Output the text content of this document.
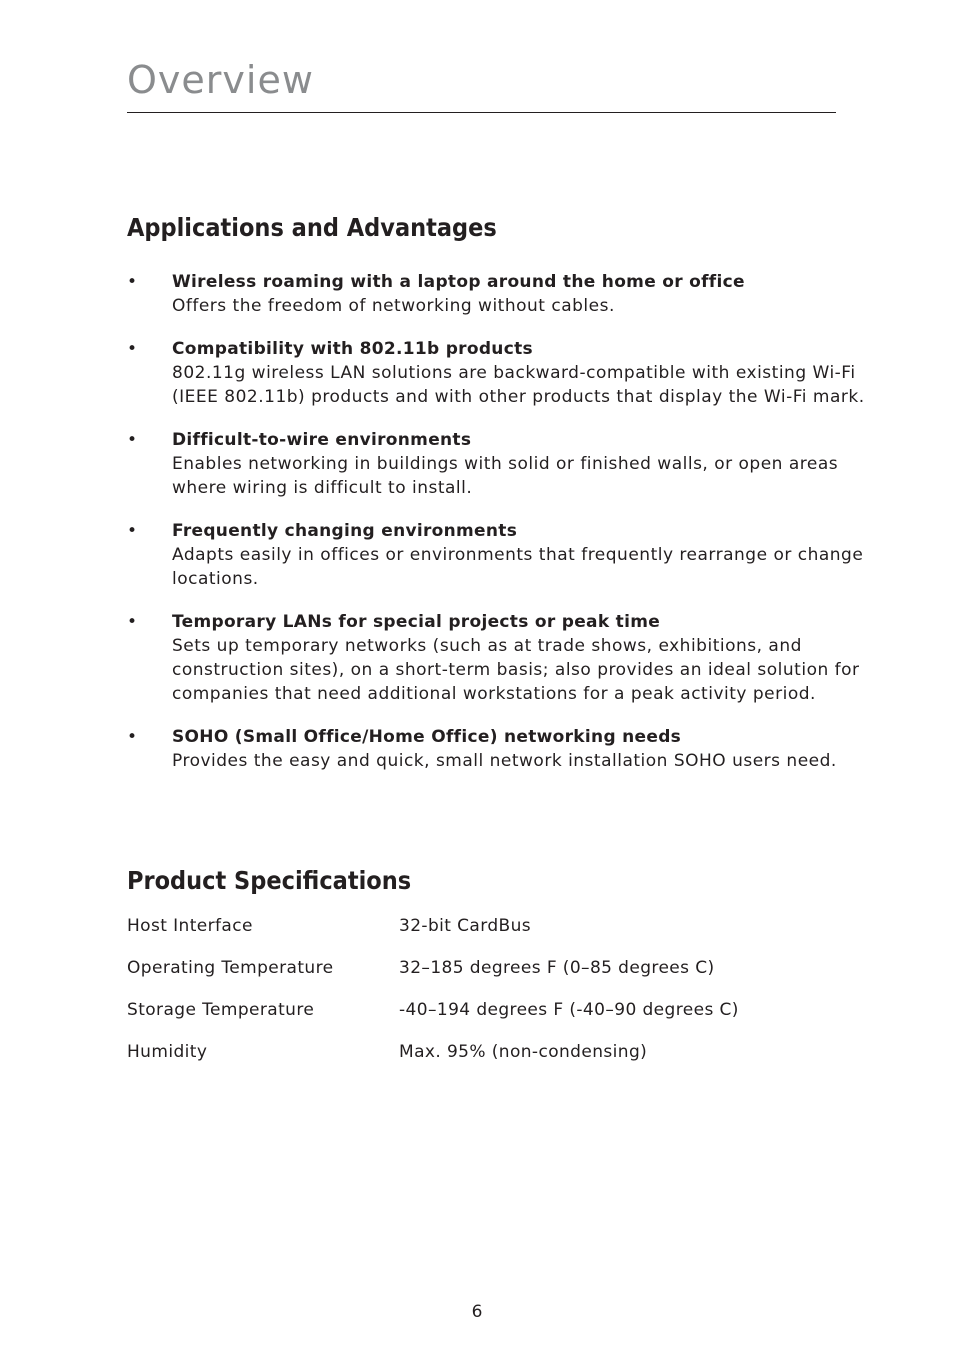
Overview
Applications and Advantages
• Wireless roaming with a laptop around the home or office
Offers the freedom of networking without cables.
• Compatibility with 802.11b products
802.11g wireless LAN solutions are backward-compatible with existing Wi-Fi (IEEE 802.11b) products and with other products that display the Wi-Fi mark.
• Difficult-to-wire environments
Enables networking in buildings with solid or finished walls, or open areas where wiring is difficult to install.
• Frequently changing environments
Adapts easily in offices or environments that frequently rearrange or change locations.
• Temporary LANs for special projects or peak time
Sets up temporary networks (such as at trade shows, exhibitions, and construction sites), on a short-term basis; also provides an ideal solution for companies that need additional workstations for a peak activity period.
• SOHO (Small Office/Home Office) networking needs
Provides the easy and quick, small network installation SOHO users need.
Product Specifications
Host Interface	32-bit CardBus
Operating Temperature	32–185 degrees F (0–85 degrees C)
Storage Temperature	-40–194 degrees F (-40–90 degrees C)
Humidity	Max. 95% (non-condensing)
6
